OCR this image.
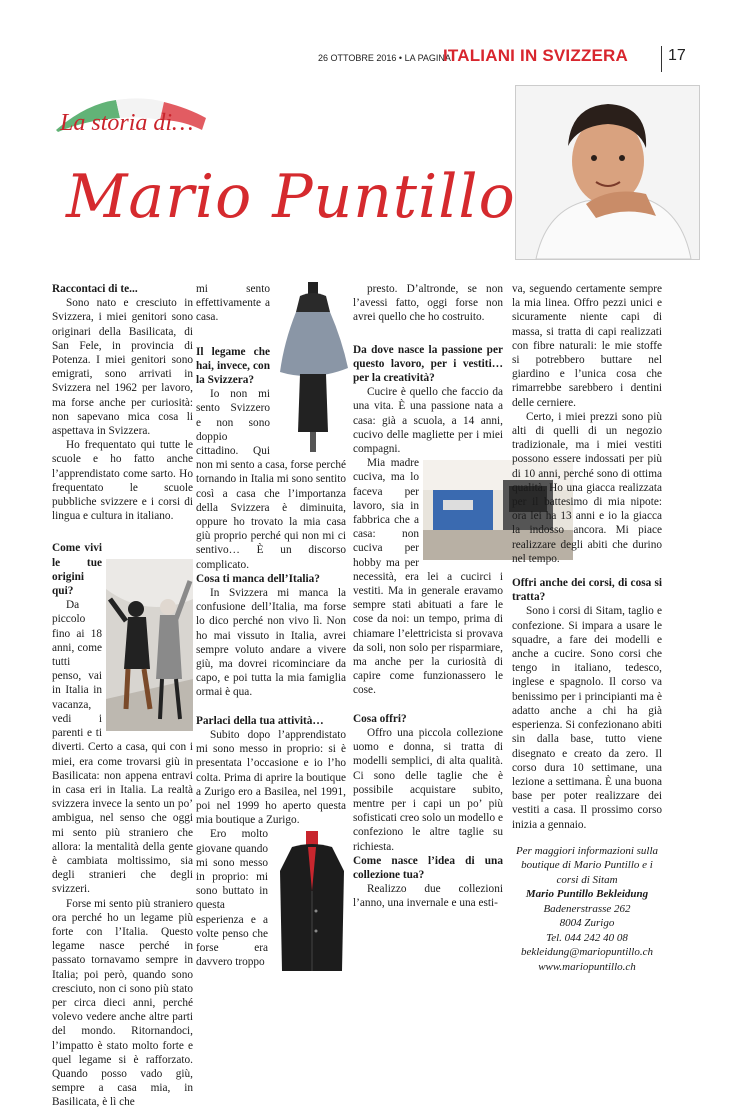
26 OTTOBRE 2016 • LA PAGINA
ITALIANI IN SVIZZERA 17
La storia di…
Mario Puntillo

Raccontaci di te...

Sono nato e cresciuto in Svizzera, i miei genitori sono originari della Basilicata, di San Fele, in provincia di Potenza. I miei genitori sono emigrati, sono arrivati in Svizzera nel 1962 per lavoro, ma forse anche per curiosità: non sapevano mica cosa li aspettava in Svizzera.

Ho frequentato qui tutte le scuole e ho fatto anche l’apprendistato come sarto. Ho frequentato le scuole pubbliche svizzere e i corsi di lingua e cultura in italiano.

Come vivi le tue origini qui?

Da piccolo fino ai 18 anni, come tutti penso, vai in Italia in vacanza, vedi i parenti e ti diverti. Certo a casa, qui con i miei, era come trovarsi giù in Basilicata: non appena entravi in casa eri in Italia. La realtà svizzera invece la sento un po’ ambigua, nel senso che oggi mi sento più straniero che allora: la mentalità della gente è cambiata moltissimo, sia degli stranieri che degli svizzeri.

Forse mi sento più straniero ora perché ho un legame più forte con l’Italia. Questo legame nasce perché in passato tornavamo sempre in Italia; poi però, quando sono cresciuto, non ci sono più stato per circa dieci anni, perché volevo vedere anche altre parti del mondo. Ritornandoci, l’impatto è stato molto forte e quel legame si è rafforzato. Quando posso vado giù, sempre a casa mia, in Basilicata, è lì che

mi sento effettivamente a casa.

Il legame che hai, invece, con la Svizzera?

Io non mi sento Svizzero e non sono doppio cittadino. Qui non mi sento a casa, forse perché tornando in Italia mi sono sentito così a casa che l’importanza della Svizzera è diminuita, oppure ho trovato la mia casa giù proprio perché qui non mi ci sentivo… È un discorso complicato.

Cosa ti manca dell’Italia?

In Svizzera mi manca la confusione dell’Italia, ma forse lo dico perché non vivo lì. Non ho mai vissuto in Italia, avrei sempre voluto andare a vivere giù, ma dovrei ricominciare da capo, e poi tutta la mia famiglia ormai è qua.

Parlaci della tua attività…

Subito dopo l’apprendistato mi sono messo in proprio: si è presentata l’occasione e io l’ho colta. Prima di aprire la boutique a Zurigo ero a Basilea, nel 1991, poi nel 1999 ho aperto questa mia boutique a Zurigo.

Ero molto giovane quando mi sono messo in proprio: mi sono buttato in questa esperienza e a volte penso che forse era davvero troppo

presto. D’altronde, se non l’avessi fatto, oggi forse non avrei quello che ho costruito.

Da dove nasce la passione per questo lavoro, per i vestiti… per la creatività?

Cucire è quello che faccio da una vita. È una passione nata a casa: già a scuola, a 14 anni, cucivo delle magliette per i miei compagni.

Mia madre cuciva, ma lo faceva per lavoro, sia in fabbrica che a casa: non cuciva per hobby ma per necessità, era lei a cucirci i vestiti. Ma in generale eravamo sempre stati abituati a fare le cose da noi: un tempo, prima di chiamare l’elettricista si provava da soli, non solo per risparmiare, ma anche per la curiosità di capire come funzionassero le cose.

Cosa offri?

Offro una piccola collezione uomo e donna, si tratta di modelli semplici, di alta qualità. Ci sono delle taglie che è possibile acquistare subito, mentre per i capi un po’ più sofisticati creo solo un modello e confeziono le altre taglie su richiesta.

Come nasce l’idea di una collezione tua?

Realizzo due collezioni l’anno, una invernale e una esti-

va, seguendo certamente sempre la mia linea. Offro pezzi unici e sicuramente niente capi di massa, si tratta di capi realizzati con fibre naturali: le mie stoffe si potrebbero buttare nel giardino e l’unica cosa che rimarrebbe sarebbero i dentini delle cerniere.

Certo, i miei prezzi sono più alti di quelli di un negozio tradizionale, ma i miei vestiti possono essere indossati per più di 10 anni, perché sono di ottima qualità. Ho una giacca realizzata per il battesimo di mia nipote: ora lei ha 13 anni e io la giacca la indosso ancora. Mi piace realizzare degli abiti che durino nel tempo.

Offri anche dei corsi, di cosa si tratta?

Sono i corsi di Sitam, taglio e confezione. Si impara a usare le squadre, a fare dei modelli e anche a cucire. Sono corsi che tengo in italiano, tedesco, inglese e spagnolo. Il corso va benissimo per i principianti ma è adatto anche a chi ha già esperienza. Si confezionano abiti sin dalla base, tutto viene disegnato e creato da zero. Il corso dura 10 settimane, una lezione a settimana. È una buona base per poter realizzare dei vestiti a casa. Il prossimo corso inizia a gennaio.

Per maggiori informazioni sulla boutique di Mario Puntillo e i corsi di Sitam
Mario Puntillo Bekleidung
Badenerstrasse 262
8004 Zurigo
Tel. 044 242 40 08
bekleidung@mariopuntillo.ch
www.mariopuntillo.ch
